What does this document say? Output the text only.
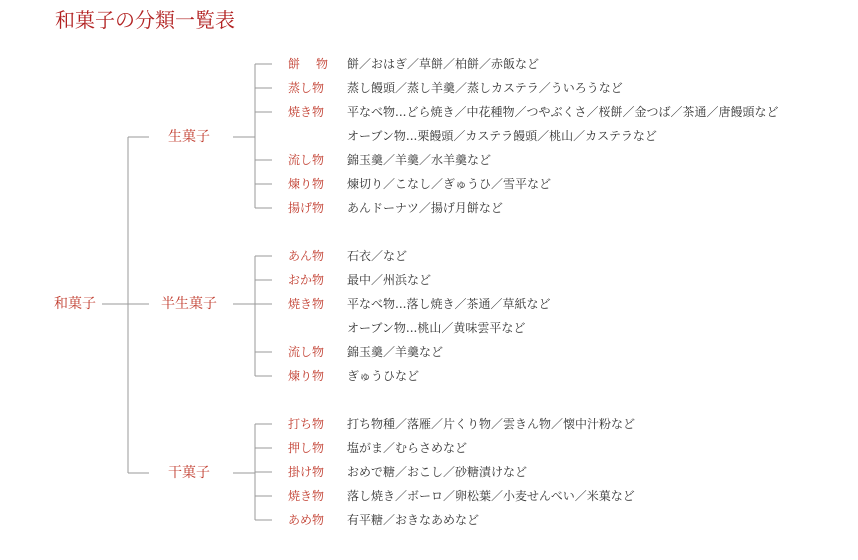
和菓子の分類一覧表
和菓子
生菓子
半生菓子
干菓子
餅　物 餅／おはぎ／草餅／柏餅／赤飯など
蒸し物	蒸し饅頭／蒸し羊羹／蒸しカステラ／ういろうなど
焼き物	平なべ物...どら焼き／中花種物／つやぶくさ／桜餅／金つば／茶通／唐饅頭など
オーブン物...栗饅頭／カステラ饅頭／桃山／カステラなど
流し物	錦玉羹／羊羹／水羊羹など
煉り物	煉切り／こなし／ぎゅうひ／雪平など
揚げ物	あんドーナツ／揚げ月餅など
あん物	石衣／など
おか物	最中／州浜など
焼き物	平なべ物...落し焼き／茶通／草紙など
オーブン物...桃山／黄味雲平など
流し物	錦玉羹／羊羹など
煉り物	ぎゅうひなど
打ち物	打ち物種／落雁／片くり物／雲きん物／懐中汁粉など
押し物	塩がま／むらさめなど
掛け物	おめで糖／おこし／砂糖漬けなど
焼き物	落し焼き／ボーロ／卵松葉／小麦せんべい／米菓など
あめ物	有平糖／おきなあめなど
